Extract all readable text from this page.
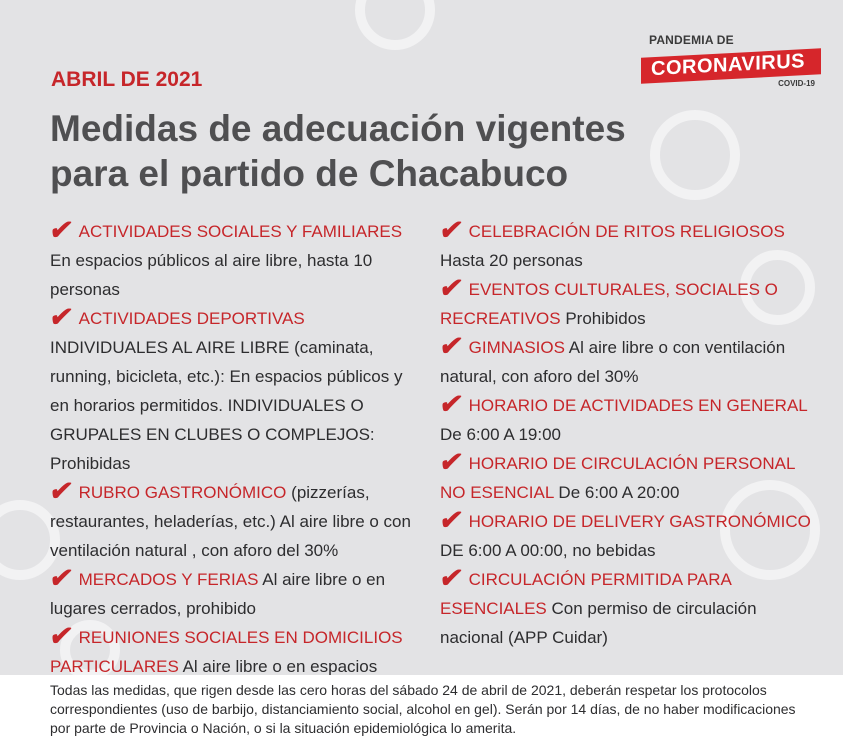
PANDEMIA DE
CORONAVIRUS
COVID-19
ABRIL DE 2021
Medidas de adecuación vigentes
para el partido de Chacabuco

✔ ACTIVIDADES SOCIALES Y FAMILIARES
En espacios públicos al aire libre, hasta 10 personas

✔ ACTIVIDADES DEPORTIVAS INDIVIDUALES AL AIRE LIBRE (caminata, running, bicicleta, etc.): En espacios públicos y en horarios permitidos. INDIVIDUALES O GRUPALES EN CLUBES O COMPLEJOS: Prohibidas

✔ RUBRO GASTRONÓMICO (pizzerías, restaurantes, heladerías, etc.) Al aire libre o con ventilación natural , con aforo del 30%

✔ MERCADOS Y FERIAS Al aire libre o en lugares cerrados, prohibido

✔ REUNIONES SOCIALES EN DOMICILIOS PARTICULARES Al aire libre o en espacios

✔ CELEBRACIÓN DE RITOS RELIGIOSOS
Hasta 20 personas

✔ EVENTOS CULTURALES, SOCIALES O RECREATIVOS Prohibidos

✔ GIMNASIOS Al aire libre o con ventilación natural, con aforo del 30%

✔ HORARIO DE ACTIVIDADES EN GENERAL
De 6:00 A 19:00

✔ HORARIO DE CIRCULACIÓN PERSONAL NO ESENCIAL De 6:00 A 20:00

✔ HORARIO DE DELIVERY GASTRONÓMICO
DE 6:00 A 00:00, no bebidas

✔ CIRCULACIÓN PERMITIDA PARA ESENCIALES Con permiso de circulación nacional (APP Cuidar)

Todas las medidas, que rigen desde las cero horas del sábado 24 de abril de 2021, deberán respetar los protocolos correspondientes (uso de barbijo, distanciamiento social, alcohol en gel). Serán por 14 días, de no haber modificaciones por parte de Provincia o Nación, o si la situación epidemiológica lo amerita.
